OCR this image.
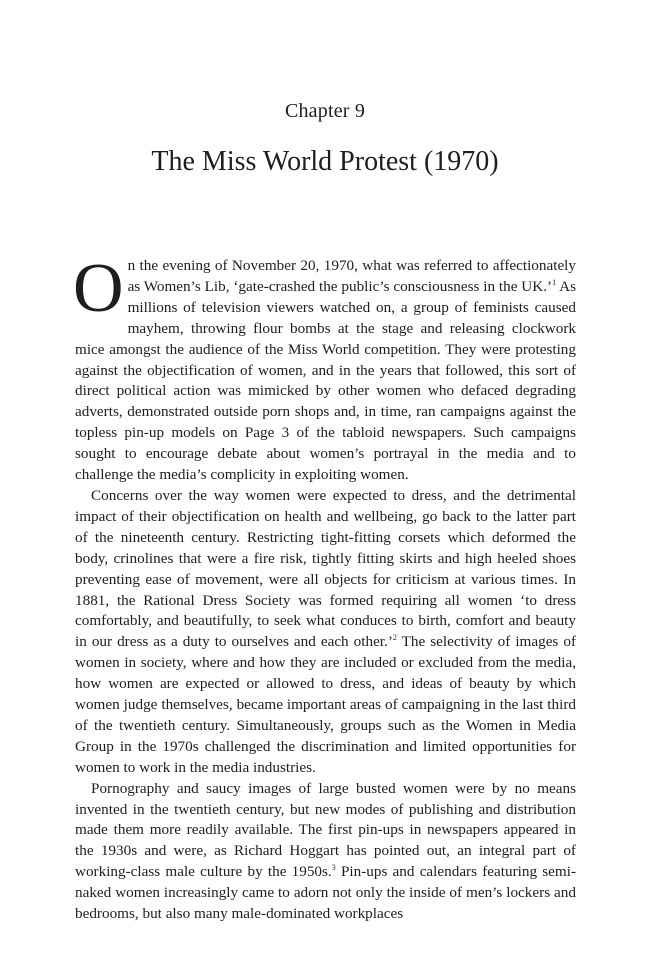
Chapter 9
The Miss World Protest (1970)

On the evening of November 20, 1970, what was referred to affectionately as Women’s Lib, ‘gate-crashed the public’s consciousness in the UK.’$^1$ As millions of television viewers watched on, a group of feminists caused mayhem, throwing flour bombs at the stage and releasing clockwork mice amongst the audience of the Miss World competition. They were protesting against the objectification of women, and in the years that followed, this sort of direct political action was mimicked by other women who defaced degrading adverts, demonstrated outside porn shops and, in time, ran campaigns against the topless pin-up models on Page 3 of the tabloid newspapers. Such campaigns sought to encourage debate about women’s portrayal in the media and to challenge the media’s complicity in exploiting women.

Concerns over the way women were expected to dress, and the detrimental impact of their objectification on health and wellbeing, go back to the latter part of the nineteenth century. Restricting tight-fitting corsets which deformed the body, crinolines that were a fire risk, tightly fitting skirts and high heeled shoes preventing ease of movement, were all objects for criticism at various times. In 1881, the Rational Dress Society was formed requiring all women ‘to dress comfortably, and beautifully, to seek what conduces to birth, comfort and beauty in our dress as a duty to ourselves and each other.’$^2$ The selectivity of images of women in society, where and how they are included or excluded from the media, how women are expected or allowed to dress, and ideas of beauty by which women judge themselves, became important areas of campaigning in the last third of the twentieth century. Simultaneously, groups such as the Women in Media Group in the 1970s challenged the discrimination and limited opportunities for women to work in the media industries.

Pornography and saucy images of large busted women were by no means invented in the twentieth century, but new modes of publishing and distribution made them more readily available. The first pin-ups in newspapers appeared in the 1930s and were, as Richard Hoggart has pointed out, an integral part of working-class male culture by the 1950s.$^3$ Pin-ups and calendars featuring semi-naked women increasingly came to adorn not only the inside of men’s lockers and bedrooms, but also many male-dominated workplaces
